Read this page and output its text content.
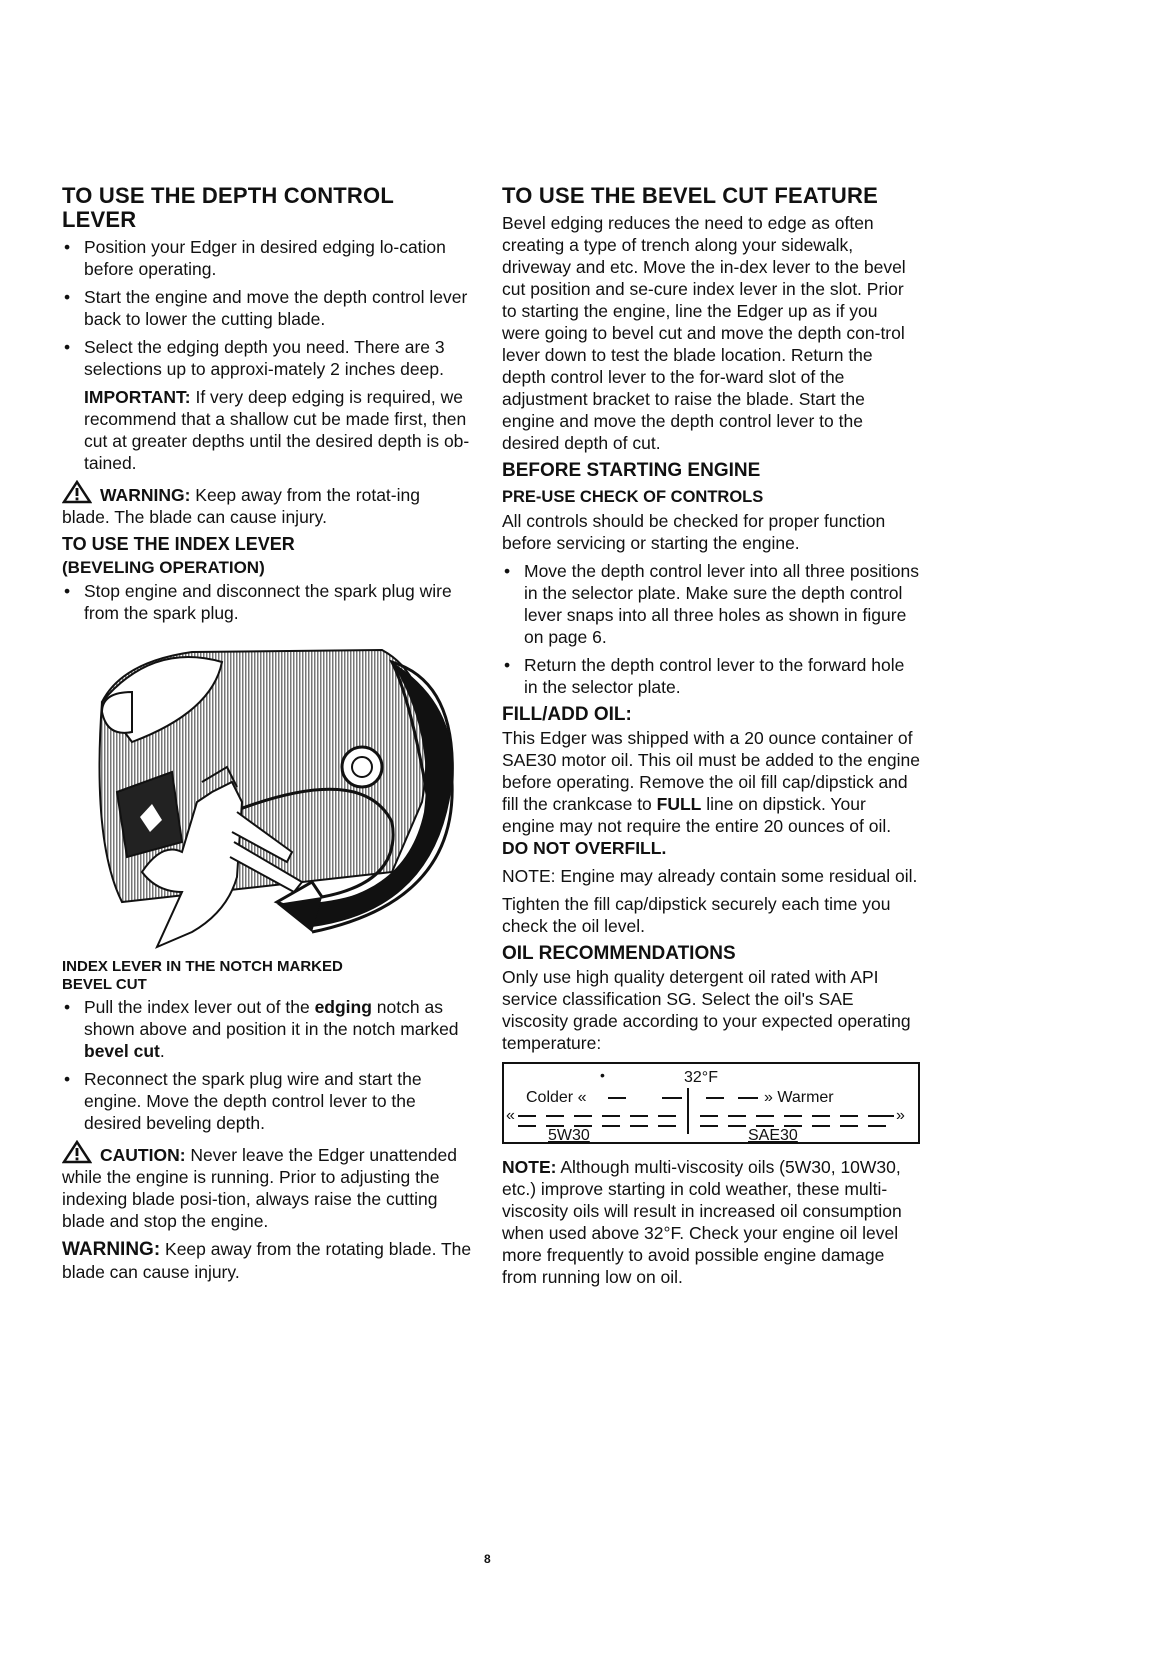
TO USE THE DEPTH CONTROL
LEVER
• Position your Edger in desired edging lo-cation before operating.
• Start the engine and move the depth control lever back to lower the cutting blade.
• Select the edging depth you need. There are 3 selections up to approxi-mately 2 inches deep.

IMPORTANT: If very deep edging is required, we recommend that a shallow cut be made first, then cut at greater depths until the desired depth is ob-tained.

WARNING: Keep away from the rotat-ing blade. The blade can cause injury.

TO USE THE INDEX LEVER
(BEVELING OPERATION)
• Stop engine and disconnect the spark plug wire from the spark plug.
INDEX LEVER IN THE NOTCH MARKED
BEVEL CUT
• Pull the index lever out of the edging notch as shown above and position it in the notch marked bevel cut.
• Reconnect the spark plug wire and start the engine. Move the depth control lever to the desired beveling depth.

CAUTION: Never leave the Edger unattended while the engine is running. Prior to adjusting the indexing blade posi-tion, always raise the cutting blade and stop the engine.

WARNING: Keep away from the rotating blade. The blade can cause injury.

TO USE THE BEVEL CUT FEATURE

Bevel edging reduces the need to edge as often creating a type of trench along your sidewalk, driveway and etc. Move the in-dex lever to the bevel cut position and se-cure index lever in the slot. Prior to starting the engine, line the Edger up as if you were going to bevel cut and move the depth con-trol lever down to test the blade location. Return the depth control lever to the for-ward slot of the adjustment bracket to raise the blade. Start the engine and move the depth control lever to the desired depth of cut.

BEFORE STARTING ENGINE
PRE-USE CHECK OF CONTROLS

All controls should be checked for proper function before servicing or starting the engine.

• Move the depth control lever into all three positions in the selector plate. Make sure the depth control lever snaps into all three holes as shown in figure on page 6.
• Return the depth control lever to the forward hole in the selector plate.
FILL/ADD OIL:

This Edger was shipped with a 20 ounce container of SAE30 motor oil. This oil must be added to the engine before operating. Remove the oil fill cap/dipstick and fill the crankcase to FULL line on dipstick. Your engine may not require the entire 20 ounces of oil. DO NOT OVERFILL.

NOTE: Engine may already contain some residual oil.

Tighten the fill cap/dipstick securely each time you check the oil level.

OIL RECOMMENDATIONS

Only use high quality detergent oil rated with API service classification SG. Select the oil's SAE viscosity grade according to your expected operating temperature:

•	32°F
Colder «	» Warmer
«	»
5W30	SAE30

NOTE: Although multi-viscosity oils (5W30, 10W30, etc.) improve starting in cold weather, these multi-viscosity oils will result in increased oil consumption when used above 32°F. Check your engine oil level more frequently to avoid possible engine damage from running low on oil.

8
